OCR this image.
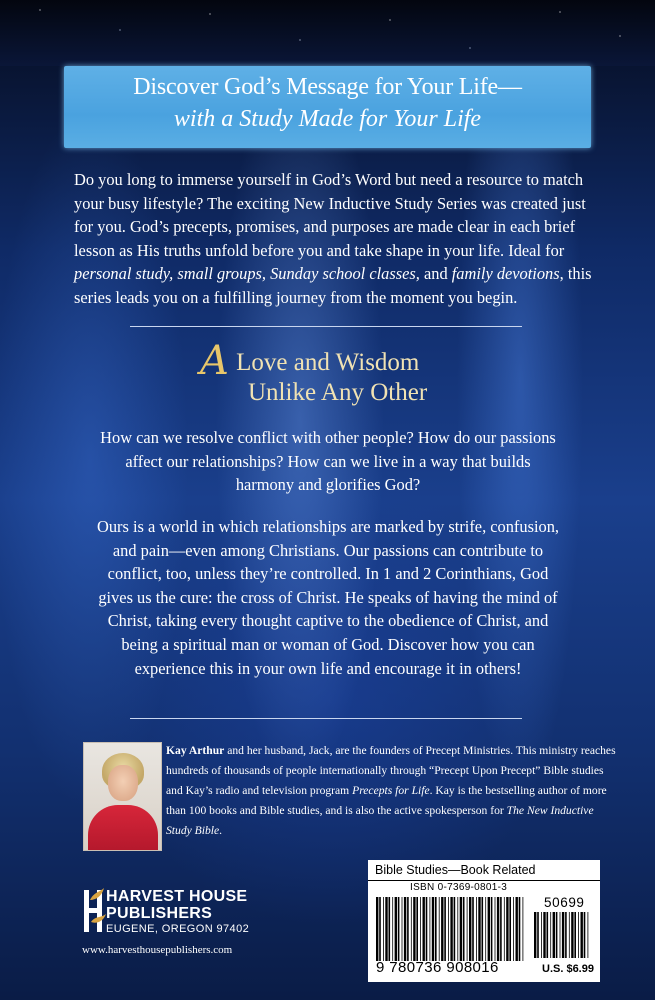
Discover God’s Message for Your Life—
with a Study Made for Your Life
Do you long to immerse yourself in God’s Word but need a resource to match your busy lifestyle? The exciting New Inductive Study Series was created just for you. God’s precepts, promises, and purposes are made clear in each brief lesson as His truths unfold before you and take shape in your life. Ideal for personal study, small groups, Sunday school classes, and family devotions, this series leads you on a fulfilling journey from the moment you begin.
A Love and Wisdom
Unlike Any Other
How can we resolve conflict with other people? How do our passions affect our relationships? How can we live in a way that builds harmony and glorifies God?
Ours is a world in which relationships are marked by strife, confusion, and pain—even among Christians. Our passions can contribute to conflict, too, unless they’re controlled. In 1 and 2 Corinthians, God gives us the cure: the cross of Christ. He speaks of having the mind of Christ, taking every thought captive to the obedience of Christ, and being a spiritual man or woman of God. Discover how you can experience this in your own life and encourage it in others!
Kay Arthur and her husband, Jack, are the founders of Precept Ministries. This ministry reaches hundreds of thousands of people internationally through “Precept Upon Precept” Bible studies and Kay’s radio and television program Precepts for Life. Kay is the bestselling author of more than 100 books and Bible studies, and is also the active spokesperson for The New Inductive Study Bible.
HARVEST HOUSE
PUBLISHERS
EUGENE, OREGON 97402
www.harvesthousepublishers.com
Bible Studies—Book Related
ISBN 0-7369-0801-3
50699
9 780736 908016	U.S. $6.99
